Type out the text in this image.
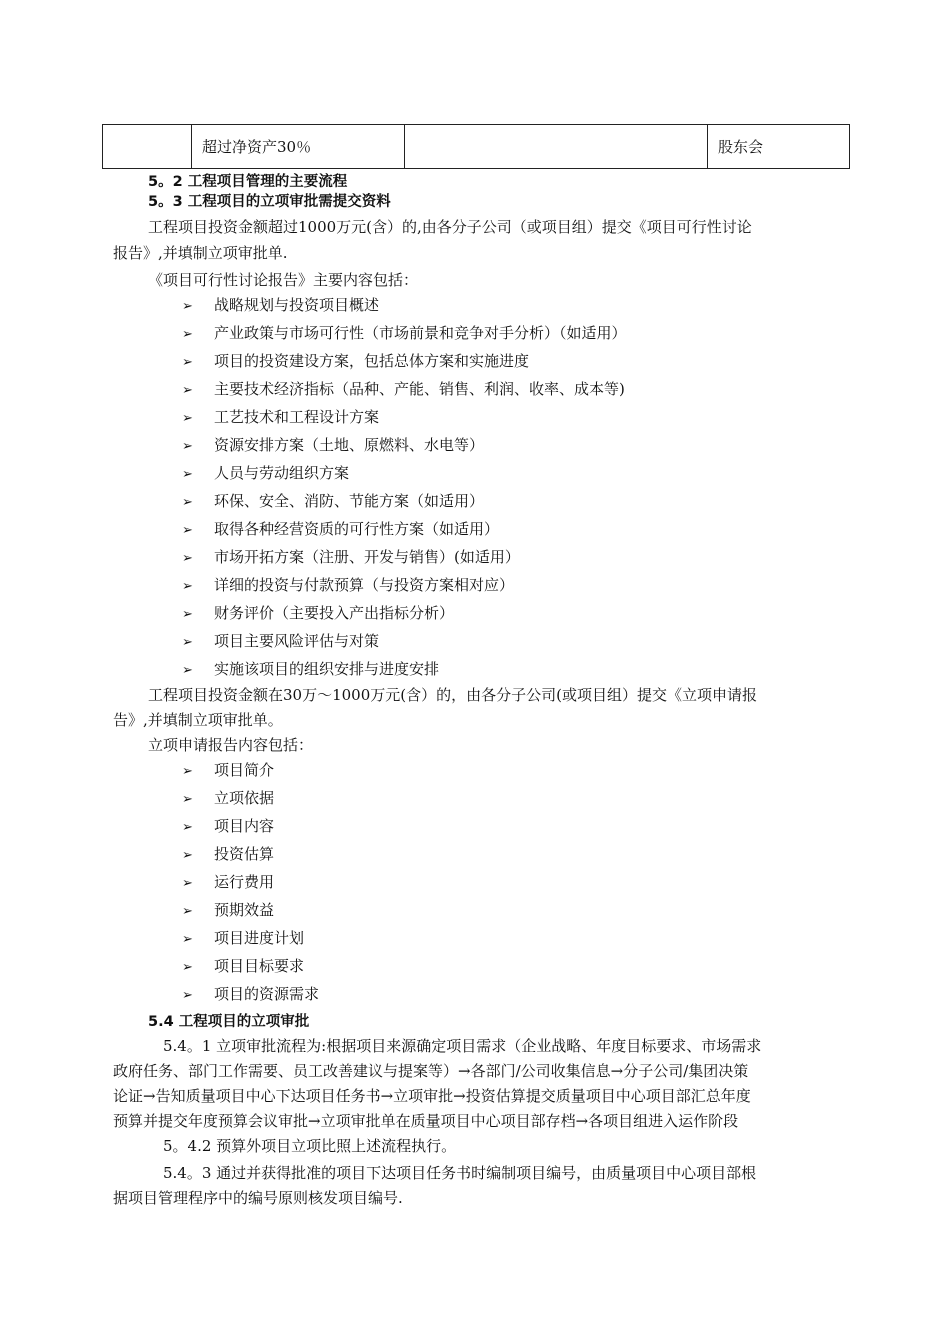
	超过净资产30％		股东会
5。2 工程项目管理的主要流程
5。3 工程项目的立项审批需提交资料
工程项目投资金额超过1000万元(含）的,由各分子公司（或项目组）提交《项目可行性讨论
报告》,并填制立项审批单.
《项目可行性讨论报告》主要内容包括：
➢ 战略规划与投资项目概述
➢ 产业政策与市场可行性（市场前景和竞争对手分析）（如适用）
➢ 项目的投资建设方案，包括总体方案和实施进度
➢ 主要技术经济指标（品种、产能、销售、利润、收率、成本等)
➢ 工艺技术和工程设计方案
➢ 资源安排方案（土地、原燃料、水电等）
➢ 人员与劳动组织方案
➢ 环保、安全、消防、节能方案（如适用）
➢ 取得各种经营资质的可行性方案（如适用）
➢ 市场开拓方案（注册、开发与销售）(如适用）
➢ 详细的投资与付款预算（与投资方案相对应）
➢ 财务评价（主要投入产出指标分析）
➢ 项目主要风险评估与对策
➢ 实施该项目的组织安排与进度安排
工程项目投资金额在30万～1000万元(含）的，由各分子公司(或项目组）提交《立项申请报
告》,并填制立项审批单。
立项申请报告内容包括：
➢ 项目简介
➢ 立项依据
➢ 项目内容
➢ 投资估算
➢ 运行费用
➢ 预期效益
➢ 项目进度计划
➢ 项目目标要求
➢ 项目的资源需求
5.4 工程项目的立项审批
5.4。1 立项审批流程为:根据项目来源确定项目需求（企业战略、年度目标要求、市场需求
政府任务、部门工作需要、员工改善建议与提案等）→各部门/公司收集信息→分子公司/集团决策
论证→告知质量项目中心下达项目任务书→立项审批→投资估算提交质量项目中心项目部汇总年度
预算并提交年度预算会议审批→立项审批单在质量项目中心项目部存档→各项目组进入运作阶段
5。4.2 预算外项目立项比照上述流程执行。
5.4。3 通过并获得批准的项目下达项目任务书时编制项目编号，由质量项目中心项目部根
据项目管理程序中的编号原则核发项目编号.
